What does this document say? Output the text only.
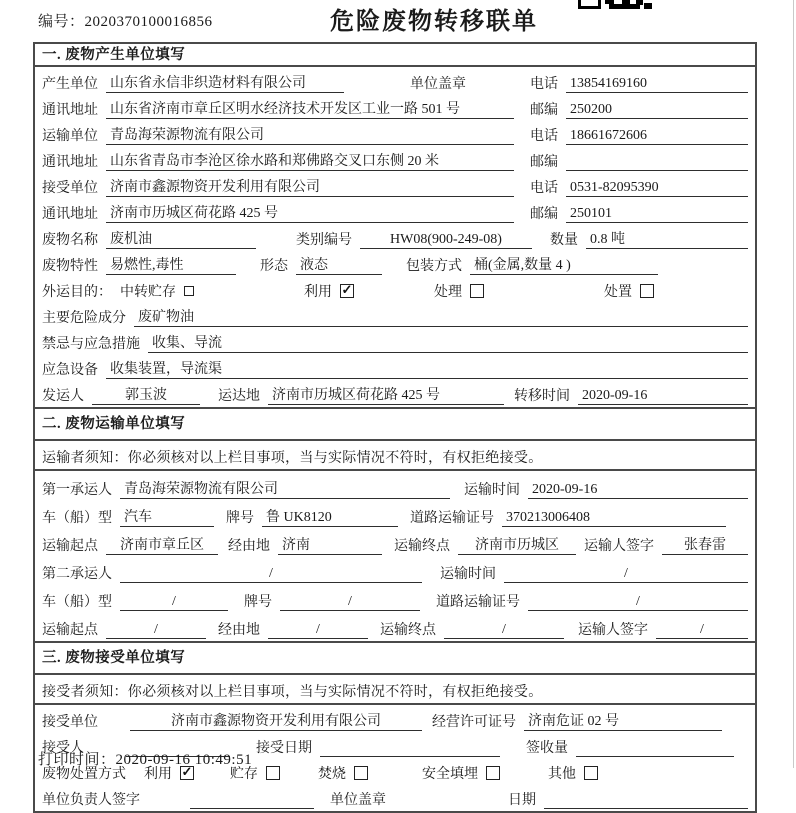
编号：2020370100016856	危险废物转移联单
一. 废物产生单位填写
产生单位 山东省永信非织造材料有限公司	单位盖章	电话 13854169160
通讯地址 山东省济南市章丘区明水经济技术开发区工业一路 501 号	邮编 250200
运输单位 青岛海荣源物流有限公司	电话 18661672606
通讯地址 山东省青岛市李沧区徐水路和郑佛路交叉口东侧 20 米	邮编
接受单位 济南市鑫源物资开发利用有限公司	电话 0531-82095390
通讯地址 济南市历城区荷花路 425 号	邮编 250101
废物名称 废机油	类别编号	HW08(900-249-08)	数量 0.8 吨
废物特性 易燃性,毒性	形态 液态	包装方式 桶(金属,数量 4 )
外运目的： 中转贮存	利用 ✓	处理	处置
主要危险成分 废矿物油
禁忌与应急措施 收集、导流
应急设备 收集装置，导流渠
发运人	郭玉波	运达地 济南市历城区荷花路 425 号	转移时间 2020-09-16
二. 废物运输单位填写
运输者须知：你必须核对以上栏目事项，当与实际情况不符时，有权拒绝接受。
第一承运人 青岛海荣源物流有限公司	运输时间 2020-09-16
车（船）型 汽车	牌号 鲁 UK8120	道路运输证号 370213006408
运输起点	济南市章丘区	经由地 济南	运输终点	济南市历城区	运输人签字	张春雷
第二承运人	/	运输时间	/
车（船）型	/	牌号	/	道路运输证号	/
运输起点	/	经由地	/	运输终点	/	运输人签字	/
三. 废物接受单位填写
接受者须知：你必须核对以上栏目事项，当与实际情况不符时，有权拒绝接受。
接受单位	济南市鑫源物资开发利用有限公司	经营许可证号 济南危证 02 号
接受人	接受日期	签收量
废物处置方式 利用 ✓	贮存	焚烧	安全填埋	其他
单位负责人签字	单位盖章	日期
打印时间：2020-09-16 10:49:51
